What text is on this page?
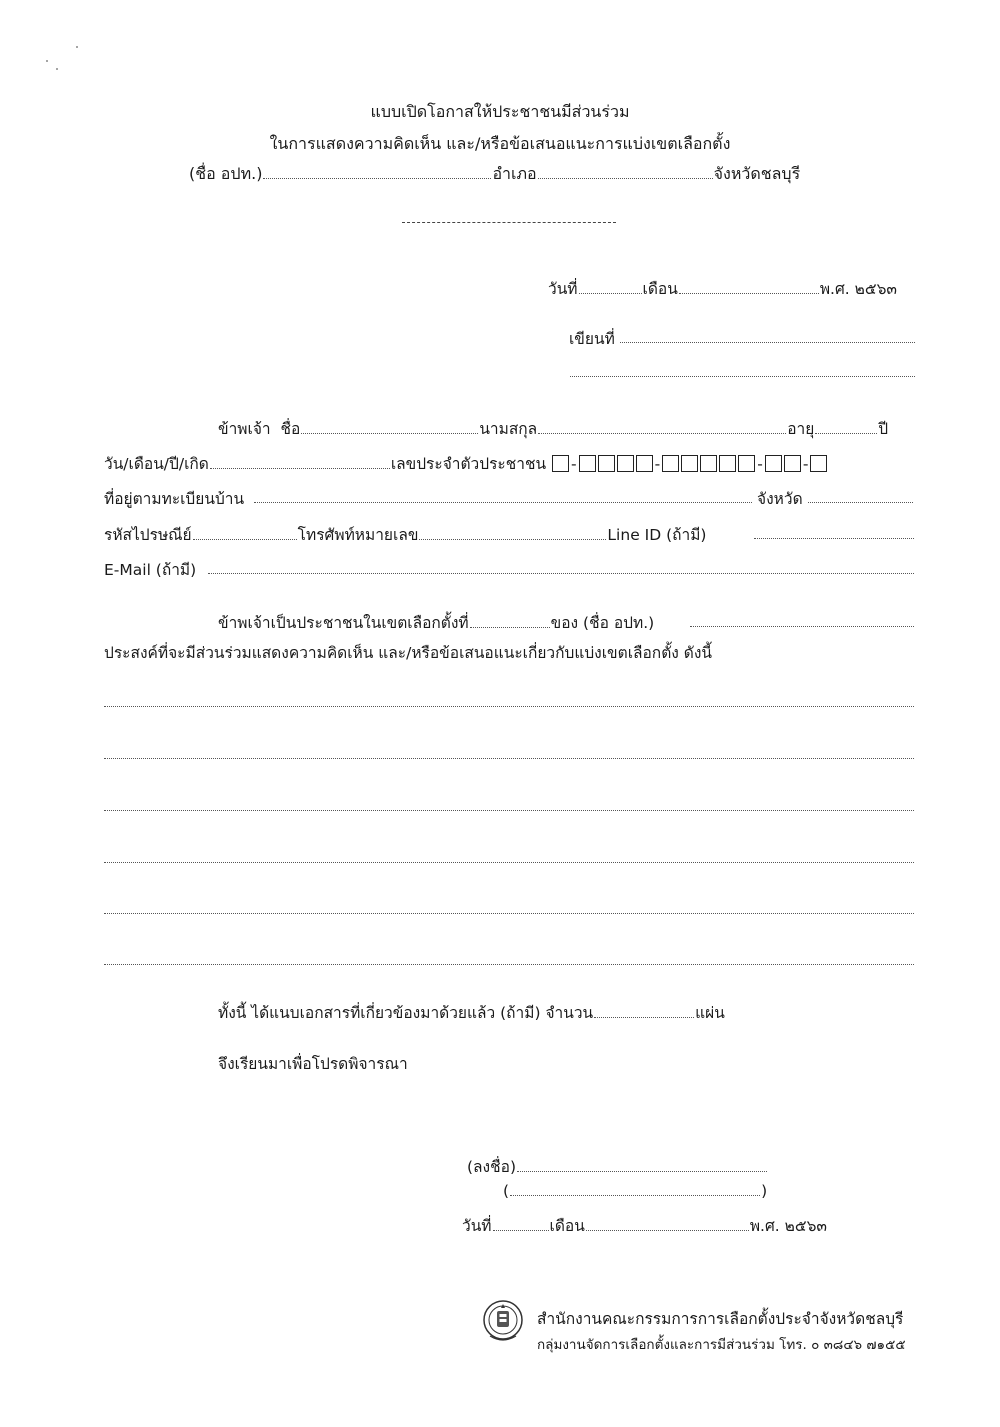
แบบเปิดโอกาสให้ประชาชนมีส่วนร่วม
ในการแสดงความคิดเห็น และ/หรือข้อเสนอแนะการแบ่งเขตเลือกตั้ง
(ชื่อ อปท.)	อำเภอ	จังหวัดชลบุรี
วันที่	เดือน	พ.ศ. ๒๕๖๓
เขียนที่
ข้าพเจ้า ชื่อ	นามสกุล	อายุ	ปี
วัน/เดือน/ปี/เกิด	เลขประจำตัวประชาชน -	-	-	-
ที่อยู่ตามทะเบียนบ้าน	จังหวัด
รหัสไปรษณีย์	โทรศัพท์หมายเลข	Line ID (ถ้ามี)
E-Mail (ถ้ามี)
ข้าพเจ้าเป็นประชาชนในเขตเลือกตั้งที่	ของ (ชื่อ อปท.)
ประสงค์ที่จะมีส่วนร่วมแสดงความคิดเห็น และ/หรือข้อเสนอแนะเกี่ยวกับแบ่งเขตเลือกตั้ง ดังนี้
ทั้งนี้ ได้แนบเอกสารที่เกี่ยวข้องมาด้วยแล้ว (ถ้ามี) จำนวน	แผ่น
จึงเรียนมาเพื่อโปรดพิจารณา
(ลงชื่อ)
(	)
วันที่	เดือน	พ.ศ. ๒๕๖๓
สำนักงานคณะกรรมการการเลือกตั้งประจำจังหวัดชลบุรี
กลุ่มงานจัดการเลือกตั้งและการมีส่วนร่วม โทร. ๐ ๓๘๔๖ ๗๑๕๕
